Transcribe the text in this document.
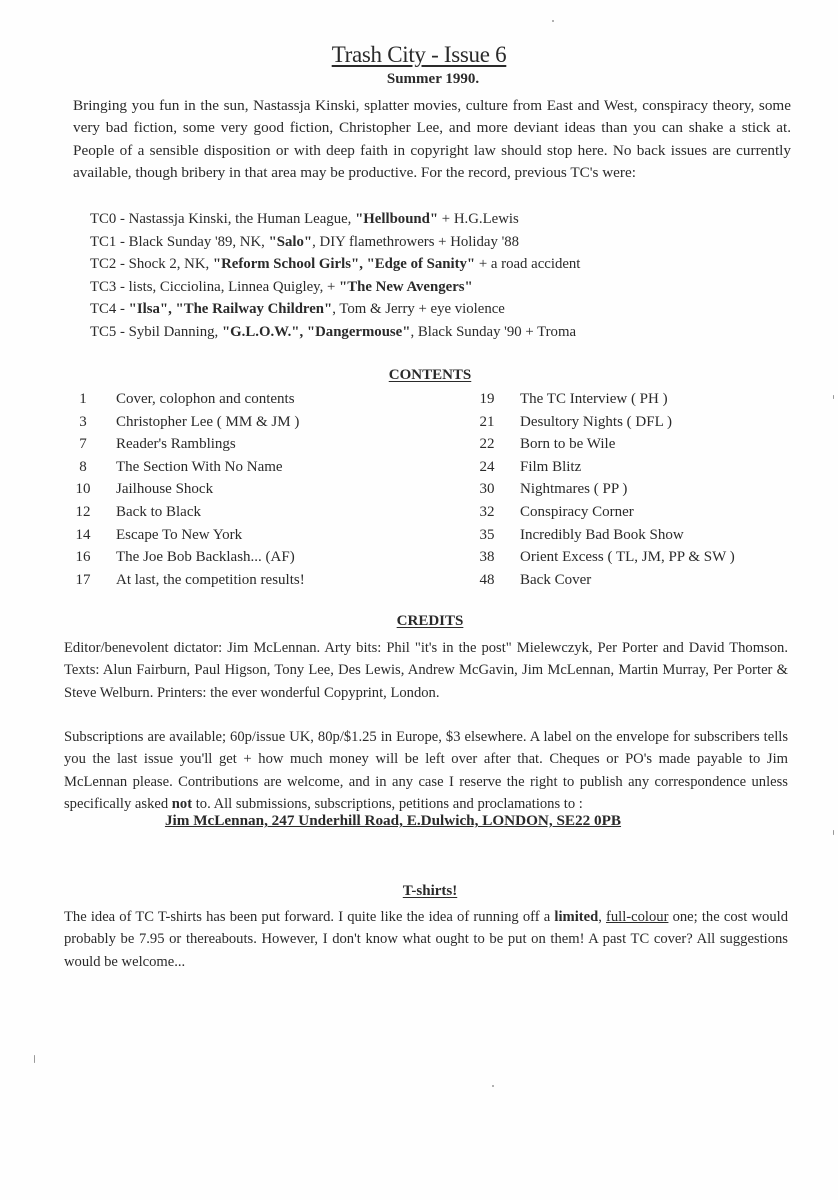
Trash City - Issue 6
Summer 1990.
Bringing you fun in the sun, Nastassja Kinski, splatter movies, culture from East and West, conspiracy theory, some very bad fiction, some very good fiction, Christopher Lee, and more deviant ideas than you can shake a stick at. People of a sensible disposition or with deep faith in copyright law should stop here. No back issues are currently available, though bribery in that area may be productive. For the record, previous TC's were:
TC0 - Nastassja Kinski, the Human League, "Hellbound" + H.G.Lewis
TC1 - Black Sunday '89, NK, "Salo", DIY flamethrowers + Holiday '88
TC2 - Shock 2, NK, "Reform School Girls", "Edge of Sanity" + a road accident
TC3 - lists, Cicciolina, Linnea Quigley, + "The New Avengers"
TC4 - "Ilsa", "The Railway Children", Tom & Jerry + eye violence
TC5 - Sybil Danning, "G.L.O.W.", "Dangermouse", Black Sunday '90 + Troma
CONTENTS
1	Cover, colophon and contents
3	Christopher Lee ( MM & JM )
7	Reader's Ramblings
8	The Section With No Name
10	Jailhouse Shock
12	Back to Black
14	Escape To New York
16	The Joe Bob Backlash... (AF)
17	At last, the competition results!
19	The TC Interview ( PH )
21	Desultory Nights ( DFL )
22	Born to be Wile
24	Film Blitz
30	Nightmares ( PP )
32	Conspiracy Corner
35	Incredibly Bad Book Show
38	Orient Excess ( TL, JM, PP & SW )
48	Back Cover
CREDITS
Editor/benevolent dictator: Jim McLennan. Arty bits: Phil "it's in the post" Mielewczyk, Per Porter and David Thomson. Texts: Alun Fairburn, Paul Higson, Tony Lee, Des Lewis, Andrew McGavin, Jim McLennan, Martin Murray, Per Porter & Steve Welburn. Printers: the ever wonderful Copyprint, London.
Subscriptions are available; 60p/issue UK, 80p/$1.25 in Europe, $3 elsewhere. A label on the envelope for subscribers tells you the last issue you'll get + how much money will be left over after that. Cheques or PO's made payable to Jim McLennan please. Contributions are welcome, and in any case I reserve the right to publish any correspondence unless specifically asked not to. All submissions, subscriptions, petitions and proclamations to :
Jim McLennan, 247 Underhill Road, E.Dulwich, LONDON, SE22 0PB
T-shirts!
The idea of TC T-shirts has been put forward. I quite like the idea of running off a limited, full-colour one; the cost would probably be 7.95 or thereabouts. However, I don't know what ought to be put on them! A past TC cover? All suggestions would be welcome...
